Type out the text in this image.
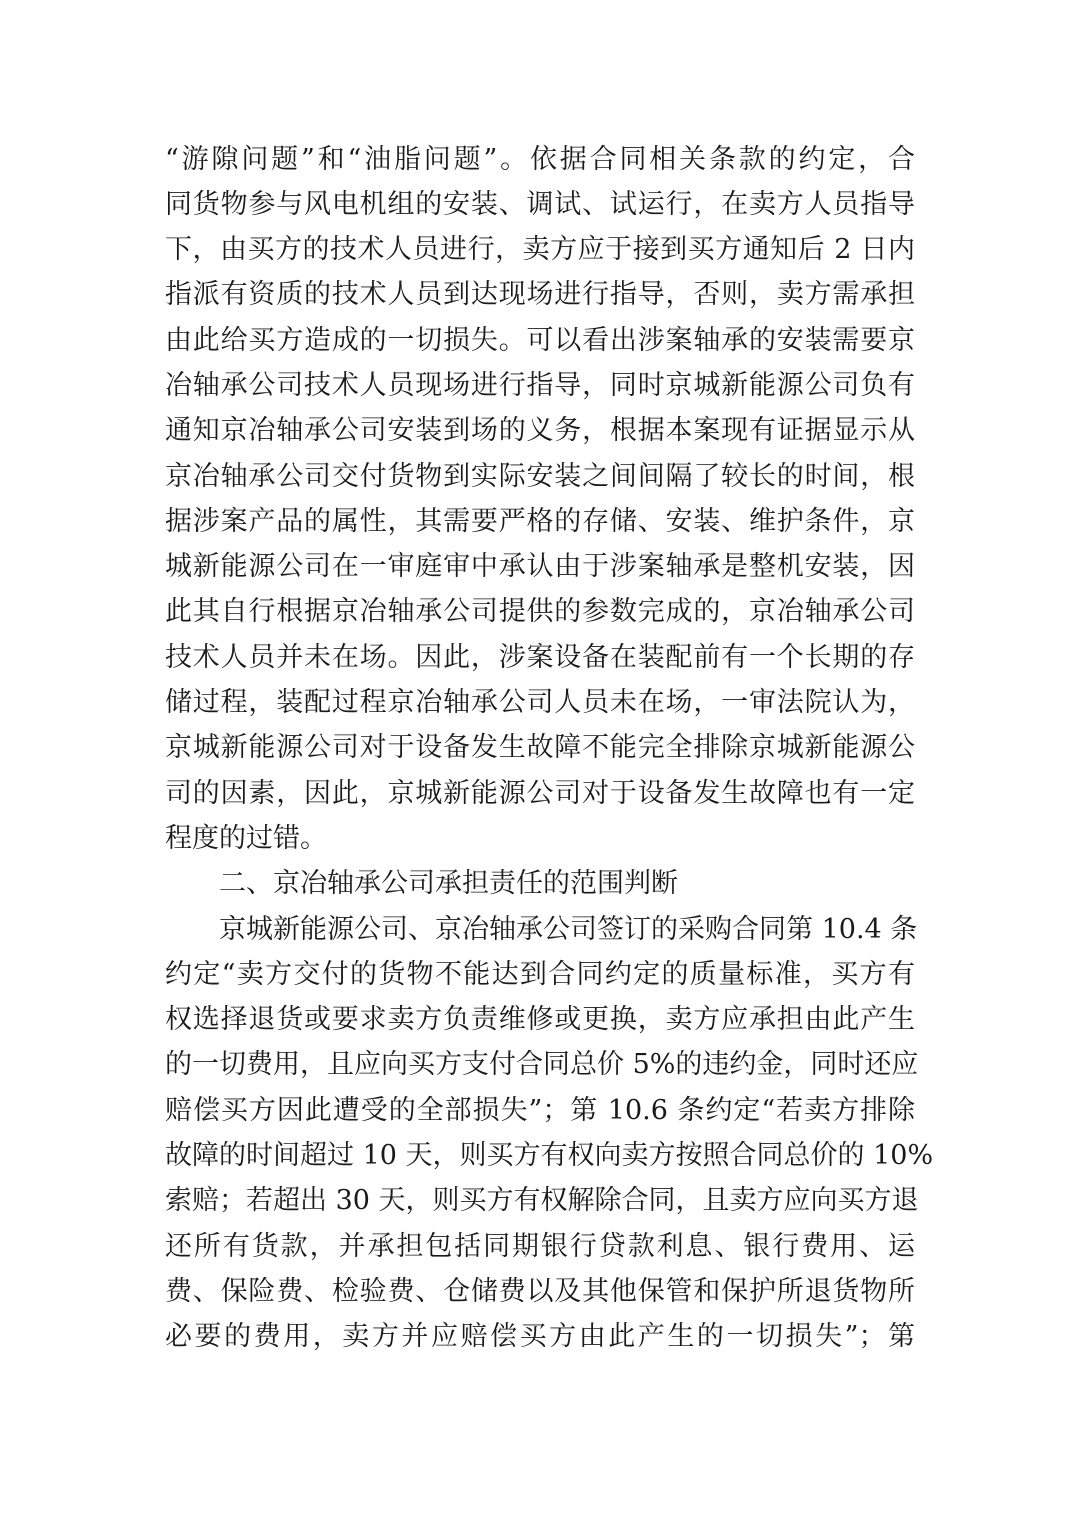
“游隙问题”和“油脂问题”。依据合同相关条款的约定，合
同货物参与风电机组的安装、调试、试运行，在卖方人员指导
下，由买方的技术人员进行，卖方应于接到买方通知后 2 日内
指派有资质的技术人员到达现场进行指导，否则，卖方需承担
由此给买方造成的一切损失。可以看出涉案轴承的安装需要京
冶轴承公司技术人员现场进行指导，同时京城新能源公司负有
通知京冶轴承公司安装到场的义务，根据本案现有证据显示从
京冶轴承公司交付货物到实际安装之间间隔了较长的时间，根
据涉案产品的属性，其需要严格的存储、安装、维护条件，京
城新能源公司在一审庭审中承认由于涉案轴承是整机安装，因
此其自行根据京冶轴承公司提供的参数完成的，京冶轴承公司
技术人员并未在场。因此，涉案设备在装配前有一个长期的存
储过程，装配过程京冶轴承公司人员未在场，一审法院认为，
京城新能源公司对于设备发生故障不能完全排除京城新能源公
司的因素，因此，京城新能源公司对于设备发生故障也有一定
程度的过错。
二、京冶轴承公司承担责任的范围判断
京城新能源公司、京冶轴承公司签订的采购合同第 10.4 条
约定“卖方交付的货物不能达到合同约定的质量标准，买方有
权选择退货或要求卖方负责维修或更换，卖方应承担由此产生
的一切费用，且应向买方支付合同总价 5%的违约金，同时还应
赔偿买方因此遭受的全部损失”；第 10.6 条约定“若卖方排除
故障的时间超过 10 天，则买方有权向卖方按照合同总价的 10%
索赔；若超出 30 天，则买方有权解除合同，且卖方应向买方退
还所有货款，并承担包括同期银行贷款利息、银行费用、运
费、保险费、检验费、仓储费以及其他保管和保护所退货物所
必要的费用，卖方并应赔偿买方由此产生的一切损失”；第
